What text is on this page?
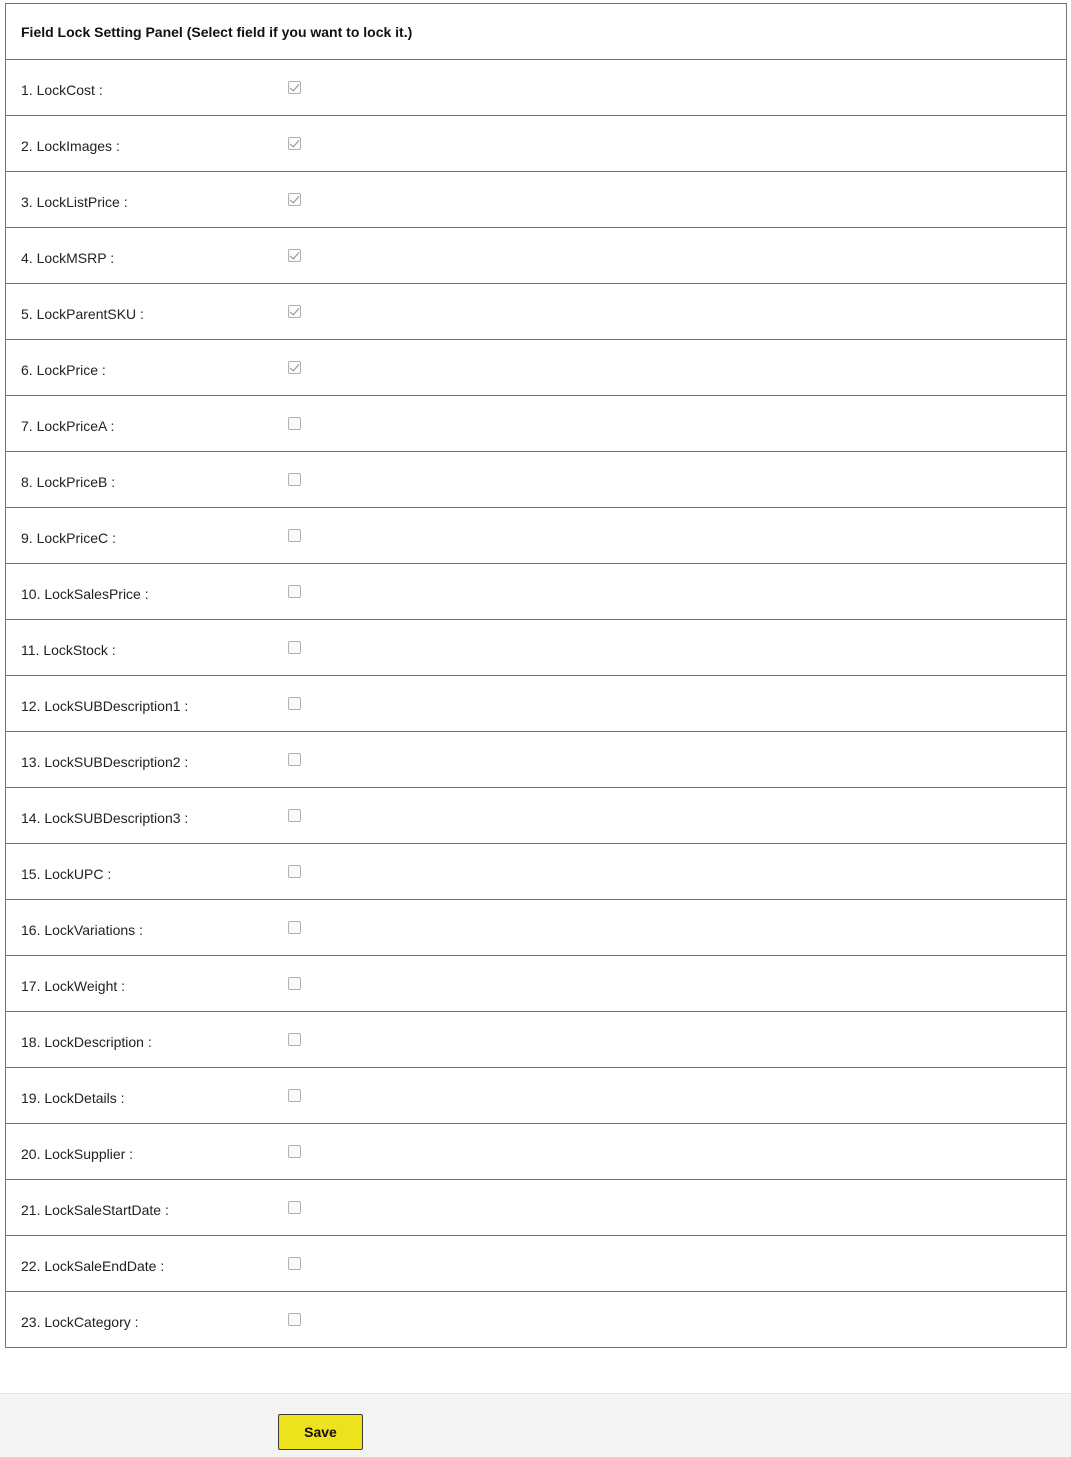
Field Lock Setting Panel (Select field if you want to lock it.)
1. LockCost :
2. LockImages :
3. LockListPrice :
4. LockMSRP :
5. LockParentSKU :
6. LockPrice :
7. LockPriceA :
8. LockPriceB :
9. LockPriceC :
10. LockSalesPrice :
11. LockStock :
12. LockSUBDescription1 :
13. LockSUBDescription2 :
14. LockSUBDescription3 :
15. LockUPC :
16. LockVariations :
17. LockWeight :
18. LockDescription :
19. LockDetails :
20. LockSupplier :
21. LockSaleStartDate :
22. LockSaleEndDate :
23. LockCategory :
Save
